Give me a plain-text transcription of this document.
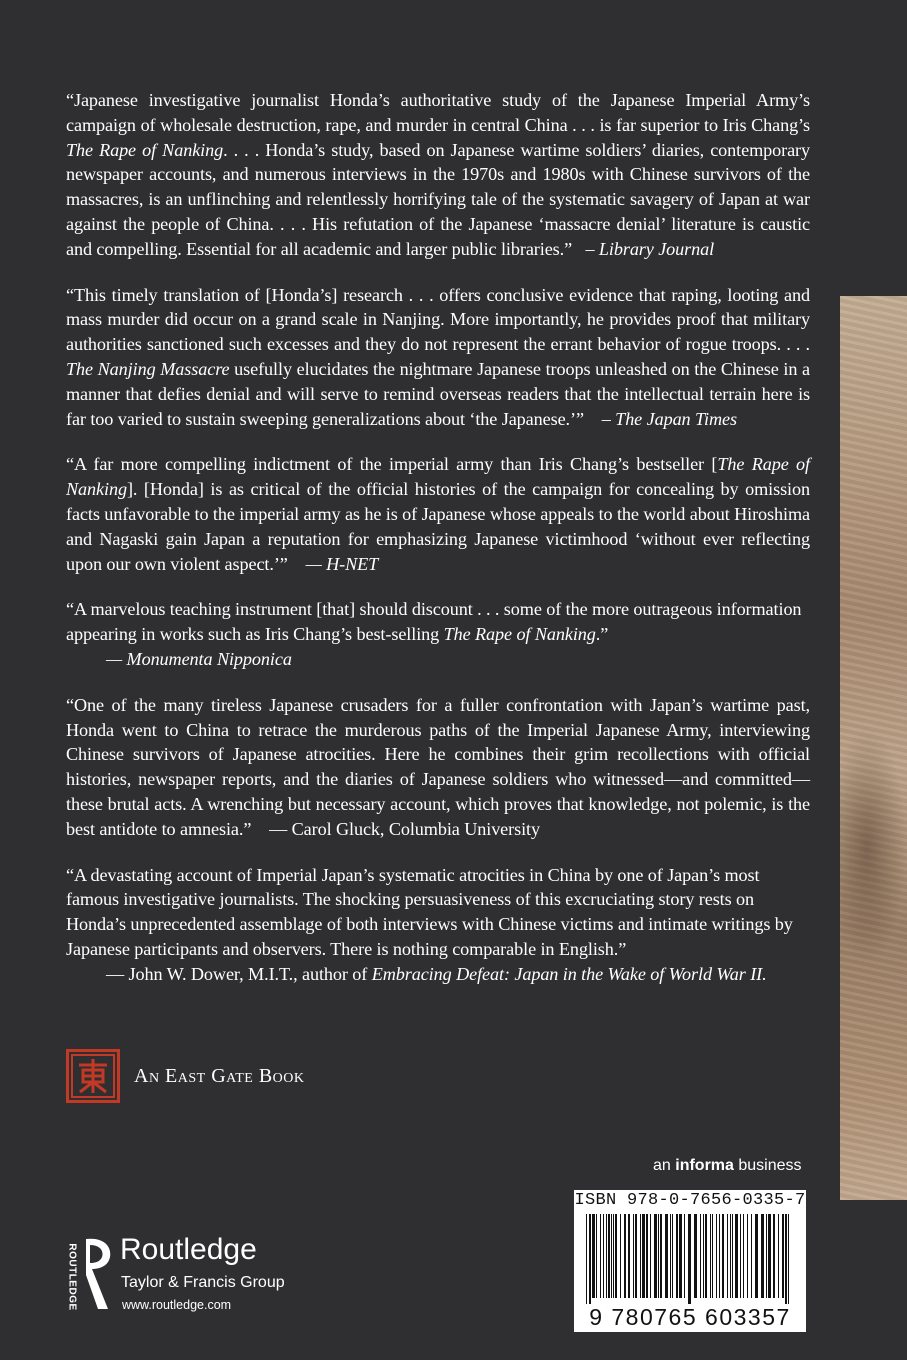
“Japanese investigative journalist Honda’s authoritative study of the Japanese Imperial Army’s campaign of wholesale destruction, rape, and murder in central China . . . is far superior to Iris Chang’s The Rape of Nanking. . . . Honda’s study, based on Japanese wartime soldiers’ diaries, contemporary newspaper accounts, and numerous interviews in the 1970s and 1980s with Chinese survivors of the massacres, is an unflinching and relentlessly horrifying tale of the systematic savagery of Japan at war against the people of China. . . . His refutation of the Japanese ‘massacre denial’ literature is caustic and compelling. Essential for all academic and larger public libraries.” – Library Journal

“This timely translation of [Honda’s] research . . . offers conclusive evidence that raping, looting and mass murder did occur on a grand scale in Nanjing. More importantly, he provides proof that military authorities sanctioned such excesses and they do not represent the errant behavior of rogue troops. . . . The Nanjing Massacre usefully elucidates the nightmare Japanese troops unleashed on the Chinese in a manner that defies denial and will serve to remind overseas readers that the intellectual terrain here is far too varied to sustain sweeping generalizations about ‘the Japanese.’” – The Japan Times

“A far more compelling indictment of the imperial army than Iris Chang’s bestseller [The Rape of Nanking]. [Honda] is as critical of the official histories of the campaign for concealing by omission facts unfavorable to the imperial army as he is of Japanese whose appeals to the world about Hiroshima and Nagaski gain Japan a reputation for emphasizing Japanese victimhood ‘without ever reflecting upon our own violent aspect.’” — H-NET

“A marvelous teaching instrument [that] should discount . . . some of the more outrageous information
appearing in works such as Iris Chang’s best-selling The Rape of Nanking.”
— Monumenta Nipponica

“One of the many tireless Japanese crusaders for a fuller confrontation with Japan’s wartime past, Honda went to China to retrace the murderous paths of the Imperial Japanese Army, interviewing Chinese survivors of Japanese atrocities. Here he combines their grim recollections with official histories, newspaper reports, and the diaries of Japanese soldiers who witnessed—and committed—these brutal acts. A wrenching but necessary account, which proves that knowledge, not polemic, is the best antidote to amnesia.” — Carol Gluck, Columbia University

“A devastating account of Imperial Japan’s systematic atrocities in China by one of Japan’s most famous investigative journalists. The shocking persuasiveness of this excruciating story rests on Honda’s unprecedented assemblage of both interviews with Chinese victims and intimate writings by Japanese participants and observers. There is nothing comparable in English.”
— John W. Dower, M.I.T., author of Embracing Defeat: Japan in the Wake of World War II.

An East Gate Book
an informa business
ISBN 978-0-7656-0335-7
9 780765 603357
ROUTLEDGE Routledge
Taylor & Francis Group
www.routledge.com
